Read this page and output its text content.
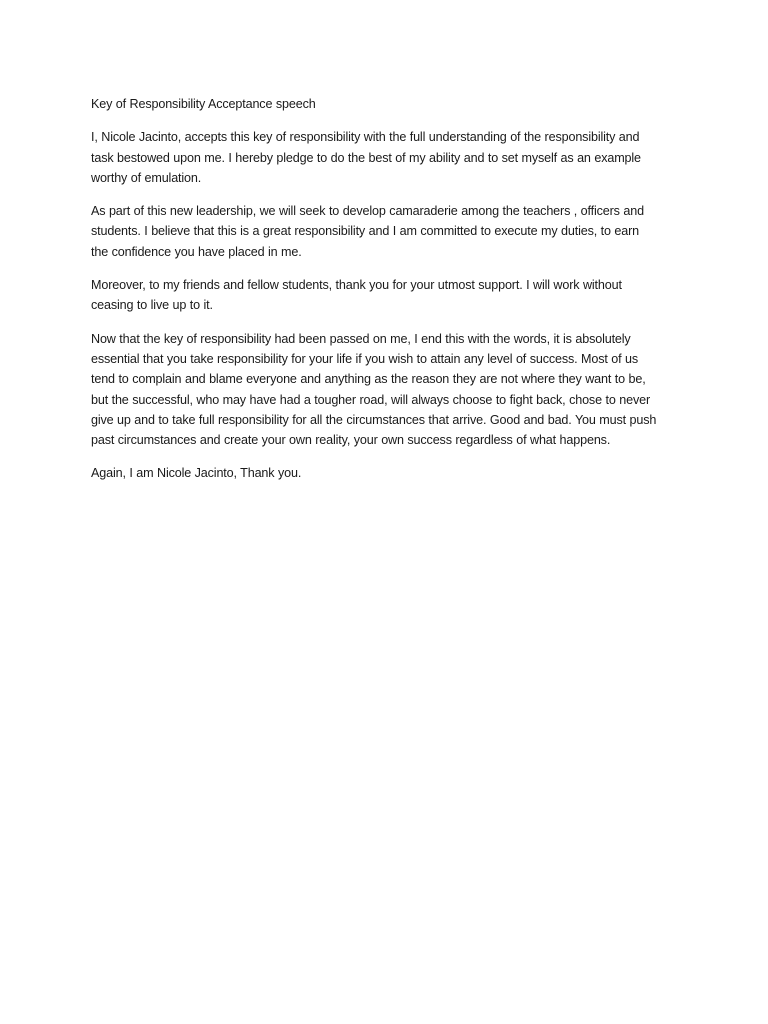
Key of Responsibility Acceptance speech

I, Nicole Jacinto, accepts this key of responsibility with the full understanding of the responsibility and
task bestowed upon me. I hereby pledge to do the best of my ability and to set myself as an example
worthy of emulation.

As part of this new leadership, we will seek to develop camaraderie among the teachers , officers and
students. I believe that this is a great responsibility and I am committed to execute my duties, to earn
the confidence you have placed in me.

Moreover, to my friends and fellow students, thank you for your utmost support. I will work without
ceasing to live up to it.

Now that the key of responsibility had been passed on me, I end this with the words, it is absolutely
essential that you take responsibility for your life if you wish to attain any level of success. Most of us
tend to complain and blame everyone and anything as the reason they are not where they want to be,
but the successful, who may have had a tougher road, will always choose to fight back, chose to never
give up and to take full responsibility for all the circumstances that arrive. Good and bad. You must push
past circumstances and create your own reality, your own success regardless of what happens.

Again, I am Nicole Jacinto, Thank you.
